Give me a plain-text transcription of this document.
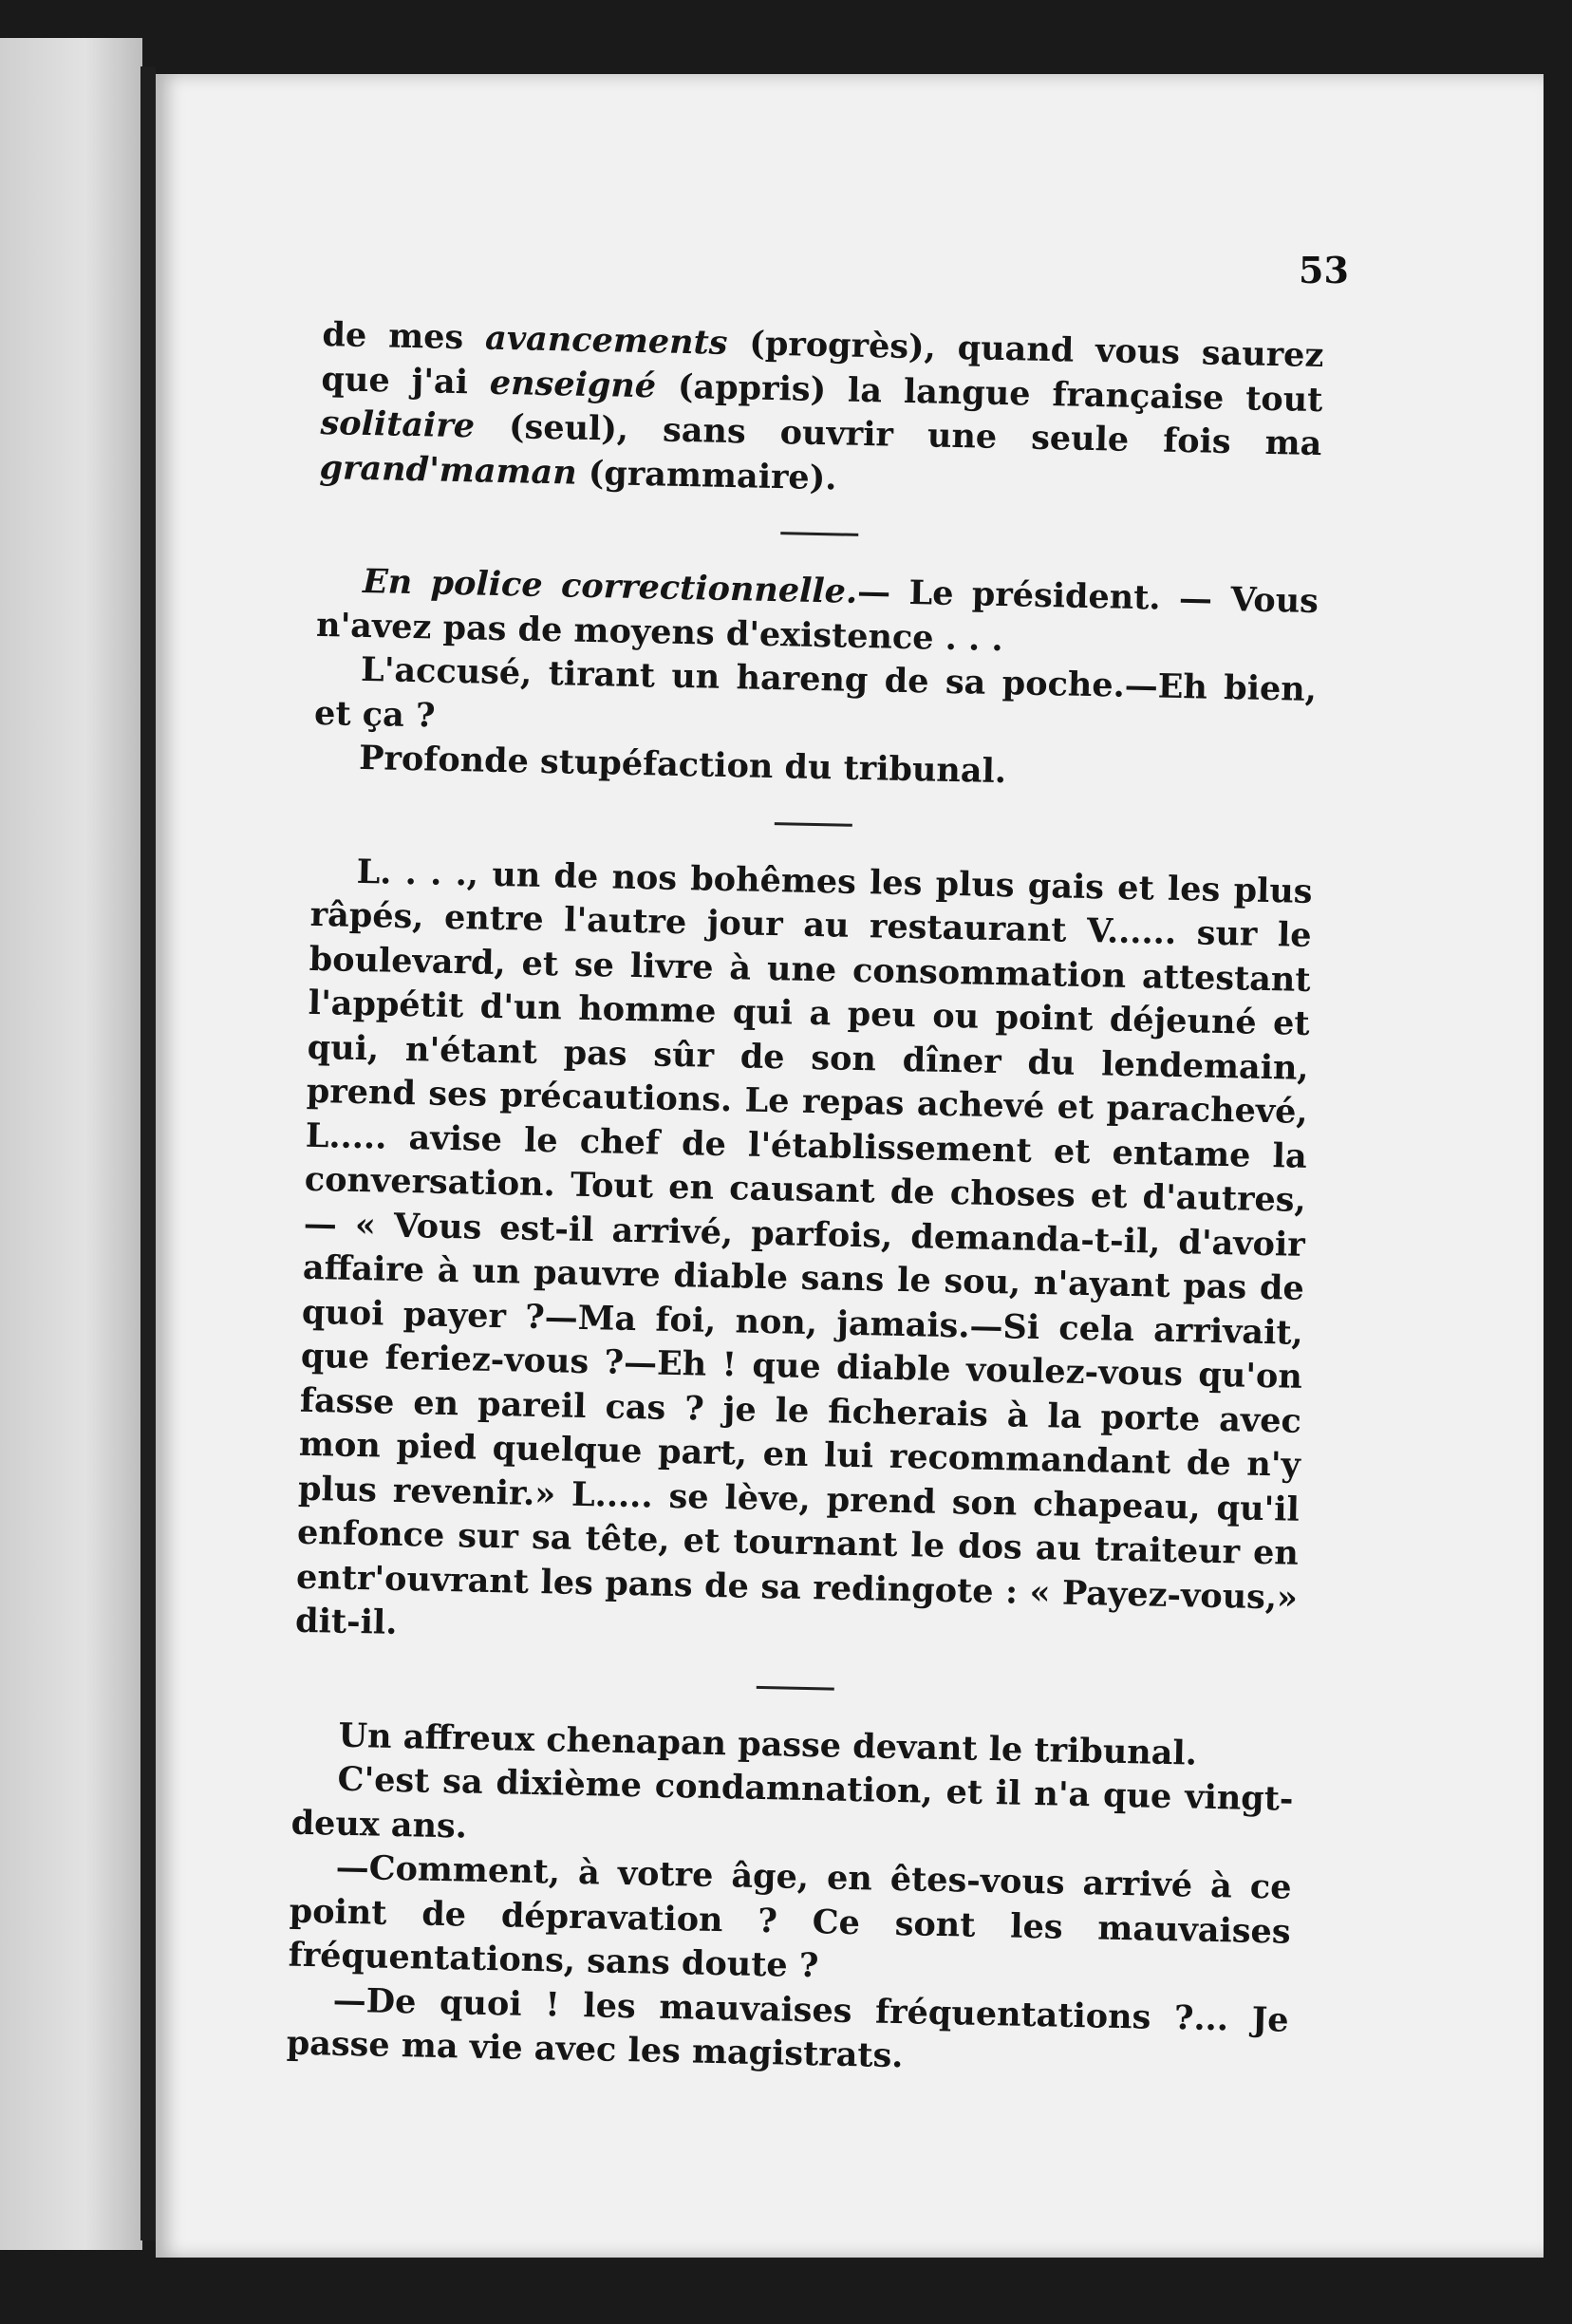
53

de mes avancements (progrès), quand vous saurez que j'ai enseigné (appris) la langue française tout solitaire (seul), sans ouvrir une seule fois ma grand'maman (grammaire).

En police correctionnelle.— Le président. — Vous n'avez pas de moyens d'existence . . .

L'accusé, tirant un hareng de sa poche.—Eh bien, et ça ?

Profonde stupéfaction du tribunal.

L. . . ., un de nos bohêmes les plus gais et les plus râpés, entre l'autre jour au restaurant V...... sur le boulevard, et se livre à une consommation attestant l'appétit d'un homme qui a peu ou point déjeuné et qui, n'étant pas sûr de son dîner du lendemain, prend ses précautions. Le repas achevé et parachevé, L..... avise le chef de l'établissement et entame la conversation. Tout en causant de choses et d'autres,— « Vous est-il arrivé, parfois, demanda-t-il, d'avoir affaire à un pauvre diable sans le sou, n'ayant pas de quoi payer ?—Ma foi, non, jamais.—Si cela arrivait, que feriez-vous ?—Eh ! que diable voulez-vous qu'on fasse en pareil cas ? je le ficherais à la porte avec mon pied quelque part, en lui recommandant de n'y plus revenir.» L..... se lève, prend son chapeau, qu'il enfonce sur sa tête, et tournant le dos au traiteur en entr'ouvrant les pans de sa redingote : « Payez-vous,» dit-il.

Un affreux chenapan passe devant le tribunal.

C'est sa dixième condamnation, et il n'a que vingt-deux ans.

—Comment, à votre âge, en êtes-vous arrivé à ce point de dépravation ? Ce sont les mauvaises fréquentations, sans doute ?

—De quoi ! les mauvaises fréquentations ?... Je passe ma vie avec les magistrats.
